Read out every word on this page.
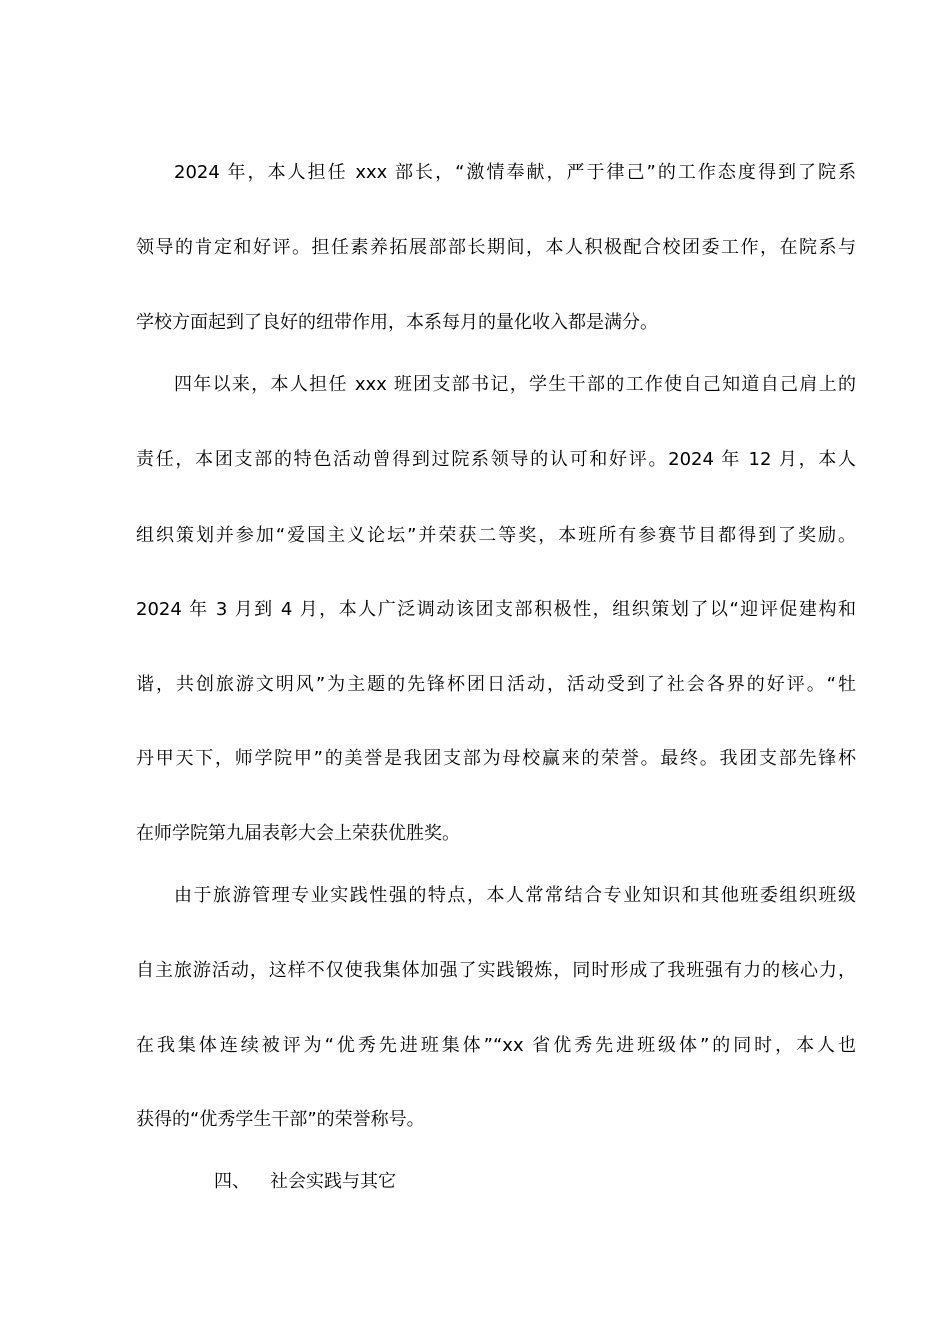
2024 年，本人担任 xxx 部长，“激情奉献，严于律己”的工作态度得到了院系
领导的肯定和好评。担任素养拓展部部长期间，本人积极配合校团委工作，在院系与
学校方面起到了良好的纽带作用，本系每月的量化收入都是满分。
四年以来，本人担任 xxx 班团支部书记，学生干部的工作使自己知道自己肩上的
责任，本团支部的特色活动曾得到过院系领导的认可和好评。2024 年 12 月，本人
组织策划并参加“爱国主义论坛”并荣获二等奖，本班所有参赛节目都得到了奖励。
2024 年 3 月到 4 月，本人广泛调动该团支部积极性，组织策划了以“迎评促建构和
谐，共创旅游文明风”为主题的先锋杯团日活动，活动受到了社会各界的好评。“牡
丹甲天下，师学院甲”的美誉是我团支部为母校赢来的荣誉。最终。我团支部先锋杯
在师学院第九届表彰大会上荣获优胜奖。
由于旅游管理专业实践性强的特点，本人常常结合专业知识和其他班委组织班级
自主旅游活动，这样不仅使我集体加强了实践锻炼，同时形成了我班强有力的核心力，
在我集体连续被评为“优秀先进班集体”“xx 省优秀先进班级体”的同时，本人也
获得的“优秀学生干部”的荣誉称号。
四、 社会实践与其它
